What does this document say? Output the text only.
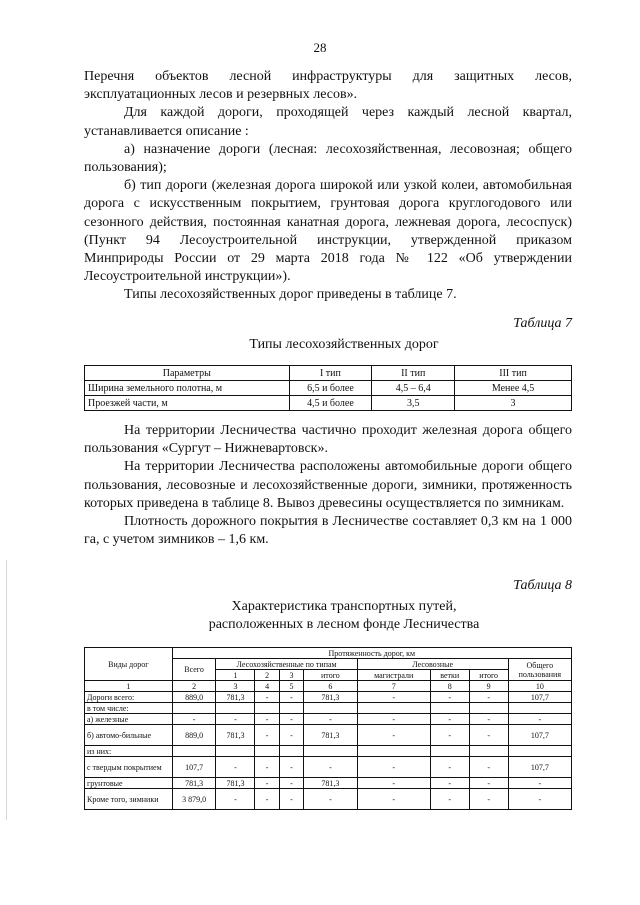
28

Перечня объектов лесной инфраструктуры для защитных лесов, эксплуатационных лесов и резервных лесов».

Для каждой дороги, проходящей через каждый лесной квартал, устанавливается описание :

а) назначение дороги (лесная: лесохозяйственная, лесовозная; общего пользования);

б) тип дороги (железная дорога широкой или узкой колеи, автомобильная дорога с искусственным покрытием, грунтовая дорога круглогодового или сезонного действия, постоянная канатная дорога, лежневая дорога, лесоспуск) (Пункт 94 Лесоустроительной инструкции, утвержденной приказом Минприроды России от 29 марта 2018 года № 122 «Об утверждении Лесоустроительной инструкции»).

Типы лесохозяйственных дорог приведены в таблице 7.

Таблица 7
Типы лесохозяйственных дорог
Параметры	I тип	II тип	III тип
Ширина земельного полотна, м	6,5 и более	4,5 – 6,4	Менее 4,5
Проезжей части, м	4,5 и более	3,5	3

На территории Лесничества частично проходит железная дорога общего пользования «Сургут – Нижневартовск».

На территории Лесничества расположены автомобильные дороги общего пользования, лесовозные и лесохозяйственные дороги, зимники, протяженность которых приведена в таблице 8. Вывоз древесины осуществляется по зимникам.

Плотность дорожного покрытия в Лесничестве составляет 0,3 км на 1 000 га, с учетом зимников – 1,6 км.

Таблица 8
Характеристика транспортных путей,
расположенных в лесном фонде Лесничества
Виды дорог	Протяженность дорог, км								
	Всего	Лесохозяйственные по типам				Лесовозные			Общего пользования
		1	2	3	итого	магистрали	ветки	итого	
1	2	3	4	5	6	7	8	9	10
Дороги всего:	889,0	781,3	-	-	781,3	-	-	-	107,7
в том числе:									
а) железные	-	-	-	-	-	-	-	-	-
б) автомо-бильные	889,0	781,3	-	-	781,3	-	-	-	107,7
из них:									
с твердым покрытием	107,7	-	-	-	-	-	-	-	107,7
грунтовые	781,3	781,3	-	-	781,3	-	-	-	-
Кроме того, зимники	3 879,0	-	-	-	-	-	-	-	-
